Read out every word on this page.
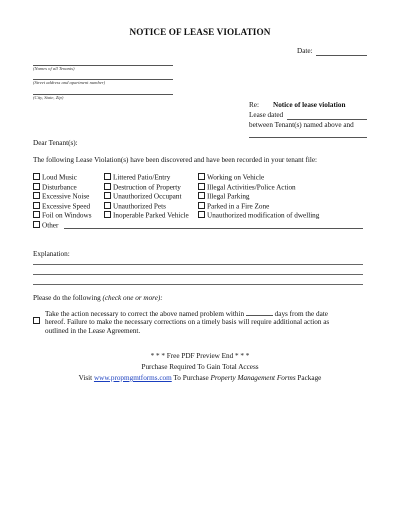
NOTICE OF LEASE VIOLATION
Date:
(Names of all Tenants)
(Street address and apartment number)
(City, State, Zip)
Re: Notice of lease violation
Lease dated
between Tenant(s) named above and
Dear Tenant(s):
The following Lease Violation(s) have been discovered and have been recorded in your tenant file:
Loud Music
Disturbance
Excessive Noise
Excessive Speed
Foil on Windows
Other
Littered Patio/Entry
Destruction of Property
Unauthorized Occupant
Unauthorized Pets
Inoperable Parked Vehicle
Working on Vehicle
Illegal Activities/Police Action
Illegal Parking
Parked in a Fire Zone
Unauthorized modification of dwelling
Explanation:
Please do the following (check one or more):
Take the action necessary to correct the above named problem within	days from the date
hereof. Failure to make the necessary corrections on a timely basis will require additional action as
outlined in the Lease Agreement.
* * * Free PDF Preview End * * *
Purchase Required To Gain Total Access
Visit www.propmgmtforms.com To Purchase Property Management Forms Package
